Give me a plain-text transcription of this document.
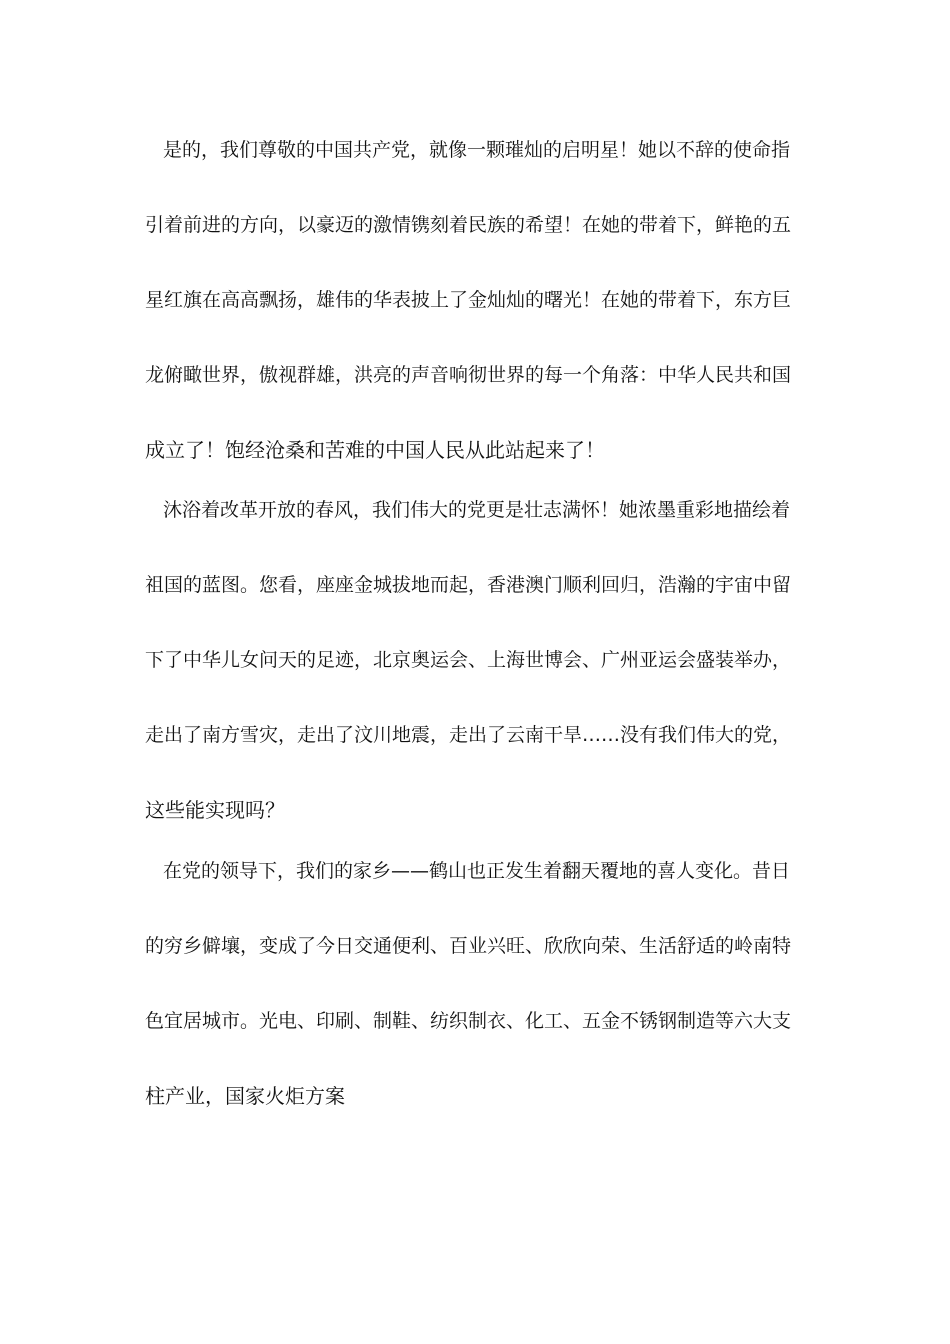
是的，我们尊敬的中国共产党，就像一颗璀灿的启明星！她以不辞的使命指
引着前进的方向，以豪迈的激情镌刻着民族的希望！在她的带着下，鲜艳的五
星红旗在高高飘扬，雄伟的华表披上了金灿灿的曙光！在她的带着下，东方巨
龙俯瞰世界，傲视群雄，洪亮的声音响彻世界的每一个角落：中华人民共和国
成立了！饱经沧桑和苦难的中国人民从此站起来了！
沐浴着改革开放的春风，我们伟大的党更是壮志满怀！她浓墨重彩地描绘着
祖国的蓝图。您看，座座金城拔地而起，香港澳门顺利回归，浩瀚的宇宙中留
下了中华儿女问天的足迹，北京奥运会、上海世博会、广州亚运会盛装举办，
走出了南方雪灾，走出了汶川地震，走出了云南干旱……没有我们伟大的党，
这些能实现吗？
在党的领导下，我们的家乡——鹤山也正发生着翻天覆地的喜人变化。昔日
的穷乡僻壤，变成了今日交通便利、百业兴旺、欣欣向荣、生活舒适的岭南特
色宜居城市。光电、印刷、制鞋、纺织制衣、化工、五金不锈钢制造等六大支
柱产业，国家火炬方案
